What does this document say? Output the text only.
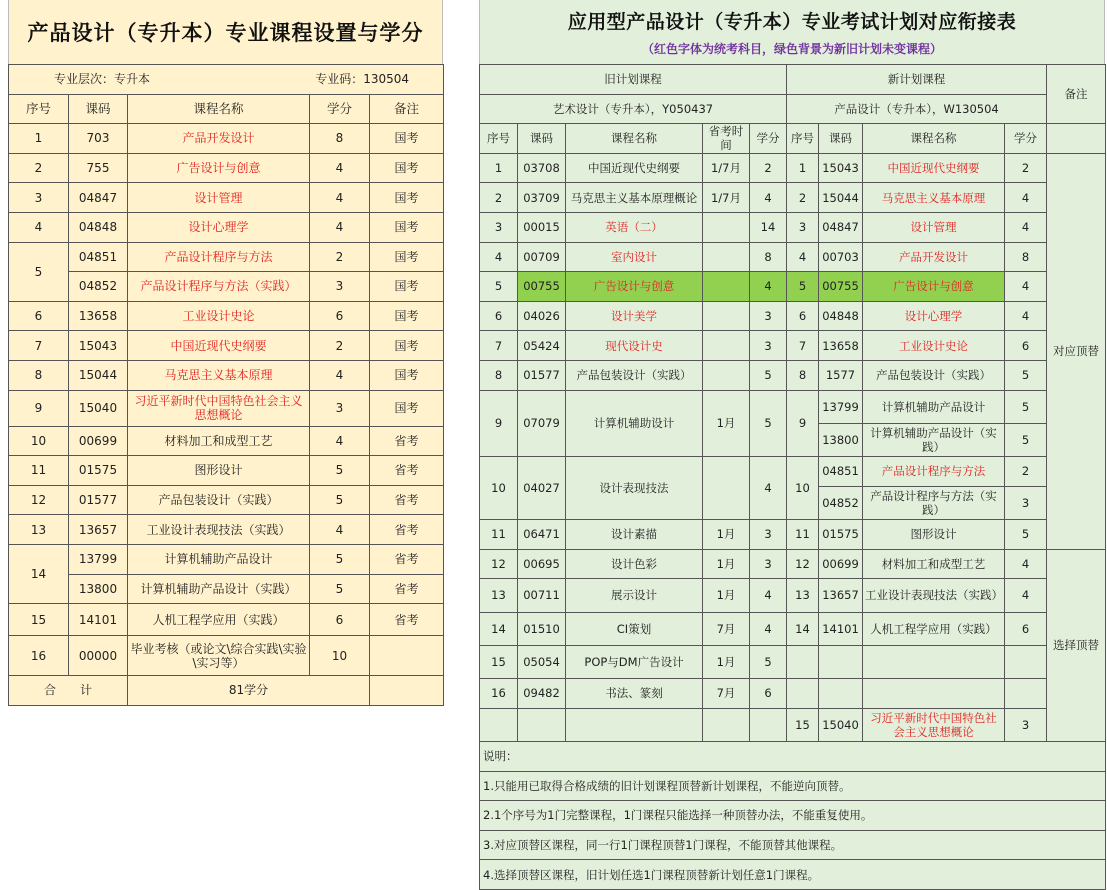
产品设计（专升本）专业课程设置与学分
专业层次：专升本 专业码：130504				

序号	课码	课程名称	学分	备注
1	703	产品开发设计	8	国考
2	755	广告设计与创意	4	国考
3	04847	设计管理	4	国考
4	04848	设计心理学	4	国考
5	04851	产品设计程序与方法	2	国考
	04852	产品设计程序与方法（实践）	3	国考
6	13658	工业设计史论	6	国考
7	15043	中国近现代史纲要	2	国考
8	15044	马克思主义基本原理	4	国考
9	15040	习近平新时代中国特色社会主义思想概论	3	国考
10	00699	材料加工和成型工艺	4	省考
11	01575	图形设计	5	省考
12	01577	产品包装设计（实践）	5	省考
13	13657	工业设计表现技法（实践）	4	省考
14	13799	计算机辅助产品设计	5	省考
	13800	计算机辅助产品设计（实践）	5	省考
15	14101	人机工程学应用（实践）	6	省考
16	00000	毕业考核（或论文\综合实践\实验\实习等）	10	
合　　计		81学分		
应用型产品设计（专升本）专业考试计划对应衔接表
（红色字体为统考科目，绿色背景为新旧计划未变课程）
旧计划课程					新计划课程				备注
艺术设计（专升本），Y050437					产品设计（专升本），W130504				
序号	课码	课程名称	省考时间	学分	序号	课码	课程名称	学分	
1	03708	中国近现代史纲要	1/7月	2	1	15043	中国近现代史纲要	2	对应顶替
2	03709	马克思主义基本原理概论	1/7月	4	2	15044	马克思主义基本原理	4	
3	00015	英语（二）		14	3	04847	设计管理	4	
4	00709	室内设计		8	4	00703	产品开发设计	8	
5	00755	广告设计与创意		4	5	00755	广告设计与创意	4	
6	04026	设计美学		3	6	04848	设计心理学	4	
7	05424	现代设计史		3	7	13658	工业设计史论	6	
8	01577	产品包装设计（实践）		5	8	1577	产品包装设计（实践）	5	
9	07079	计算机辅助设计	1月	5	9	13799	计算机辅助产品设计	5	
						13800	计算机辅助产品设计（实践）	5	
10	04027	设计表现技法		4	10	04851	产品设计程序与方法	2	
						04852	产品设计程序与方法（实践）	3	
11	06471	设计素描	1月	3	11	01575	图形设计	5	
12	00695	设计色彩	1月	3	12	00699	材料加工和成型工艺	4	选择顶替
13	00711	展示设计	1月	4	13	13657	工业设计表现技法（实践）	4	
14	01510	CI策划	7月	4	14	14101	人机工程学应用（实践）	6	
15	05054	POP与DM广告设计	1月	5					
16	09482	书法、篆刻	7月	6					
					15	15040	习近平新时代中国特色社会主义思想概论	3	
说明：									
1.只能用已取得合格成绩的旧计划课程顶替新计划课程，不能逆向顶替。									
2.1个序号为1门完整课程，1门课程只能选择一种顶替办法，不能重复使用。									
3.对应顶替区课程，同一行1门课程顶替1门课程，不能顶替其他课程。									
4.选择顶替区课程，旧计划任选1门课程顶替新计划任意1门课程。									
